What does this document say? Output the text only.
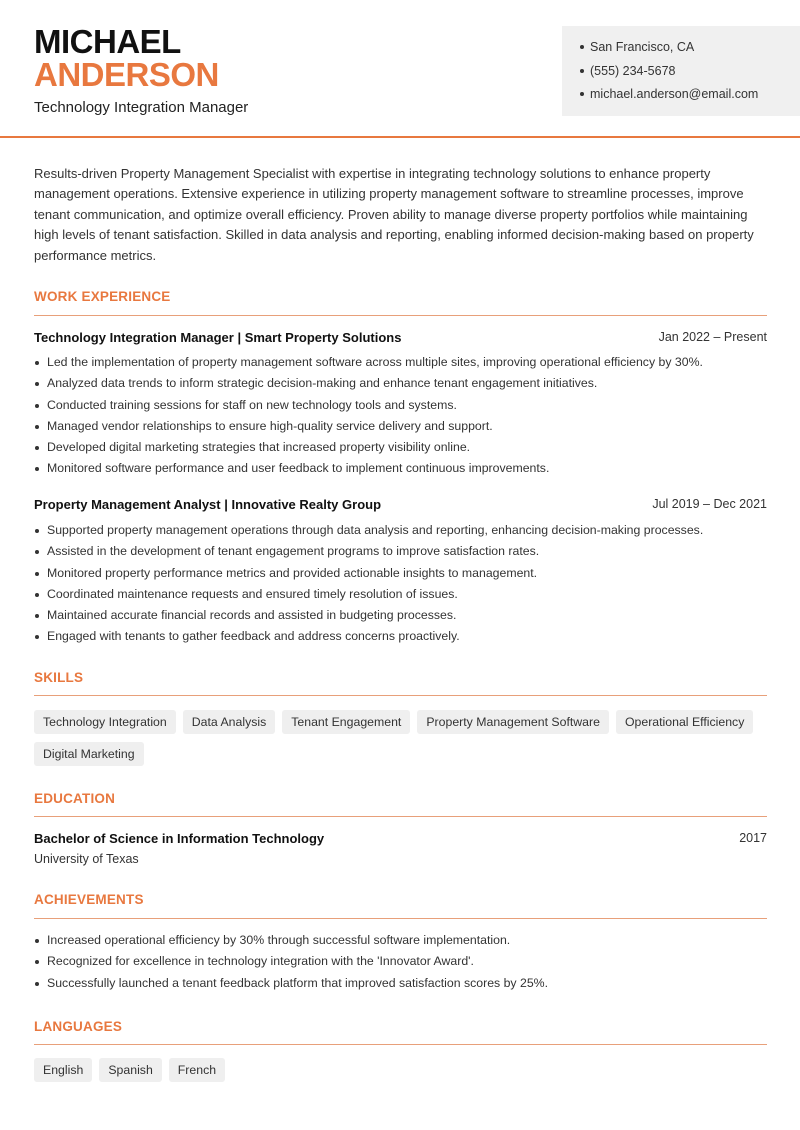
MICHAEL
ANDERSON
Technology Integration Manager
San Francisco, CA
(555) 234-5678
michael.anderson@email.com

Results-driven Property Management Specialist with expertise in integrating technology solutions to enhance property management operations. Extensive experience in utilizing property management software to streamline processes, improve tenant communication, and optimize overall efficiency. Proven ability to manage diverse property portfolios while maintaining high levels of tenant satisfaction. Skilled in data analysis and reporting, enabling informed decision-making based on property performance metrics.

WORK EXPERIENCE
Technology Integration Manager | Smart Property Solutions	Jan 2022 – Present
Led the implementation of property management software across multiple sites, improving operational efficiency by 30%.
Analyzed data trends to inform strategic decision-making and enhance tenant engagement initiatives.
Conducted training sessions for staff on new technology tools and systems.
Managed vendor relationships to ensure high-quality service delivery and support.
Developed digital marketing strategies that increased property visibility online.
Monitored software performance and user feedback to implement continuous improvements.
Property Management Analyst | Innovative Realty Group	Jul 2019 – Dec 2021
Supported property management operations through data analysis and reporting, enhancing decision-making processes.
Assisted in the development of tenant engagement programs to improve satisfaction rates.
Monitored property performance metrics and provided actionable insights to management.
Coordinated maintenance requests and ensured timely resolution of issues.
Maintained accurate financial records and assisted in budgeting processes.
Engaged with tenants to gather feedback and address concerns proactively.
SKILLS
Technology Integration	Data Analysis	Tenant Engagement	Property Management Software	Operational Efficiency
Digital Marketing
EDUCATION
Bachelor of Science in Information Technology	2017
University of Texas
ACHIEVEMENTS
Increased operational efficiency by 30% through successful software implementation.
Recognized for excellence in technology integration with the 'Innovator Award'.
Successfully launched a tenant feedback platform that improved satisfaction scores by 25%.
LANGUAGES
English	Spanish	French
